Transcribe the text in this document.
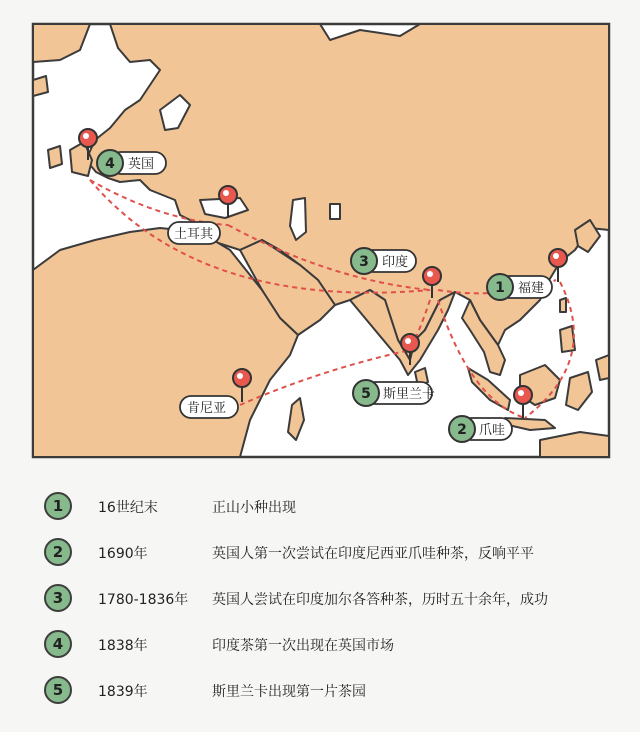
4 英国
土耳其
3 印度
1 福建
肯尼亚
5 斯里兰卡
2 爪哇
1	16世纪末	正山小种出现
2	1690年	英国人第一次尝试在印度尼西亚爪哇种茶，反响平平
3	1780-1836年 英国人尝试在印度加尔各答种茶，历时五十余年，成功
4	1838年	印度茶第一次出现在英国市场
5	1839年	斯里兰卡出现第一片茶园
